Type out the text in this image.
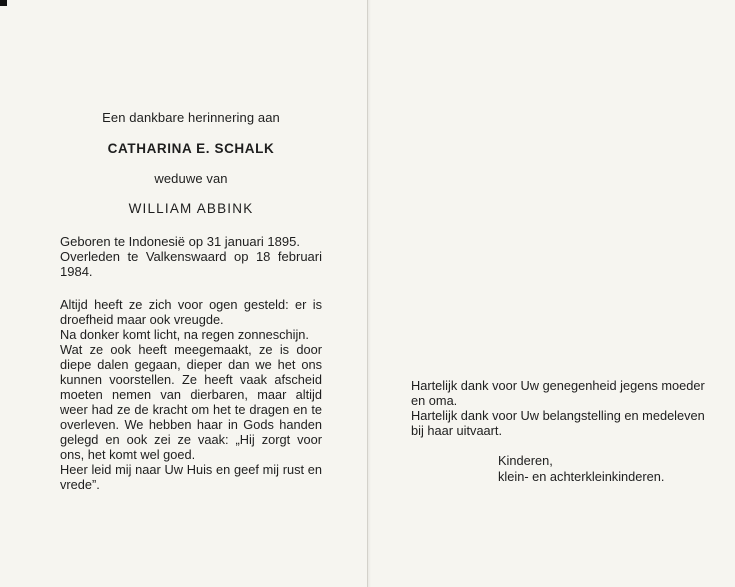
Een dankbare herinnering aan

CATHARINA E. SCHALK

weduwe van

WILLIAM ABBINK

Geboren te Indonesië op 31 januari 1895.

Overleden te Valkenswaard op 18 februari 1984.

Altijd heeft ze zich voor ogen gesteld: er is droefheid maar ook vreugde.

Na donker komt licht, na regen zonneschijn.

Wat ze ook heeft meegemaakt, ze is door diepe dalen gegaan, dieper dan we het ons kunnen voorstellen. Ze heeft vaak afscheid moeten nemen van dierbaren, maar altijd weer had ze de kracht om het te dragen en te overleven. We hebben haar in Gods handen gelegd en ook zei ze vaak: „Hij zorgt voor ons, het komt wel goed.

Heer leid mij naar Uw Huis en geef mij rust en vrede”.

Hartelijk dank voor Uw genegenheid jegens moeder en oma.

Hartelijk dank voor Uw belangstelling en medeleven bij haar uitvaart.

Kinderen,

klein- en achterkleinkinderen.
